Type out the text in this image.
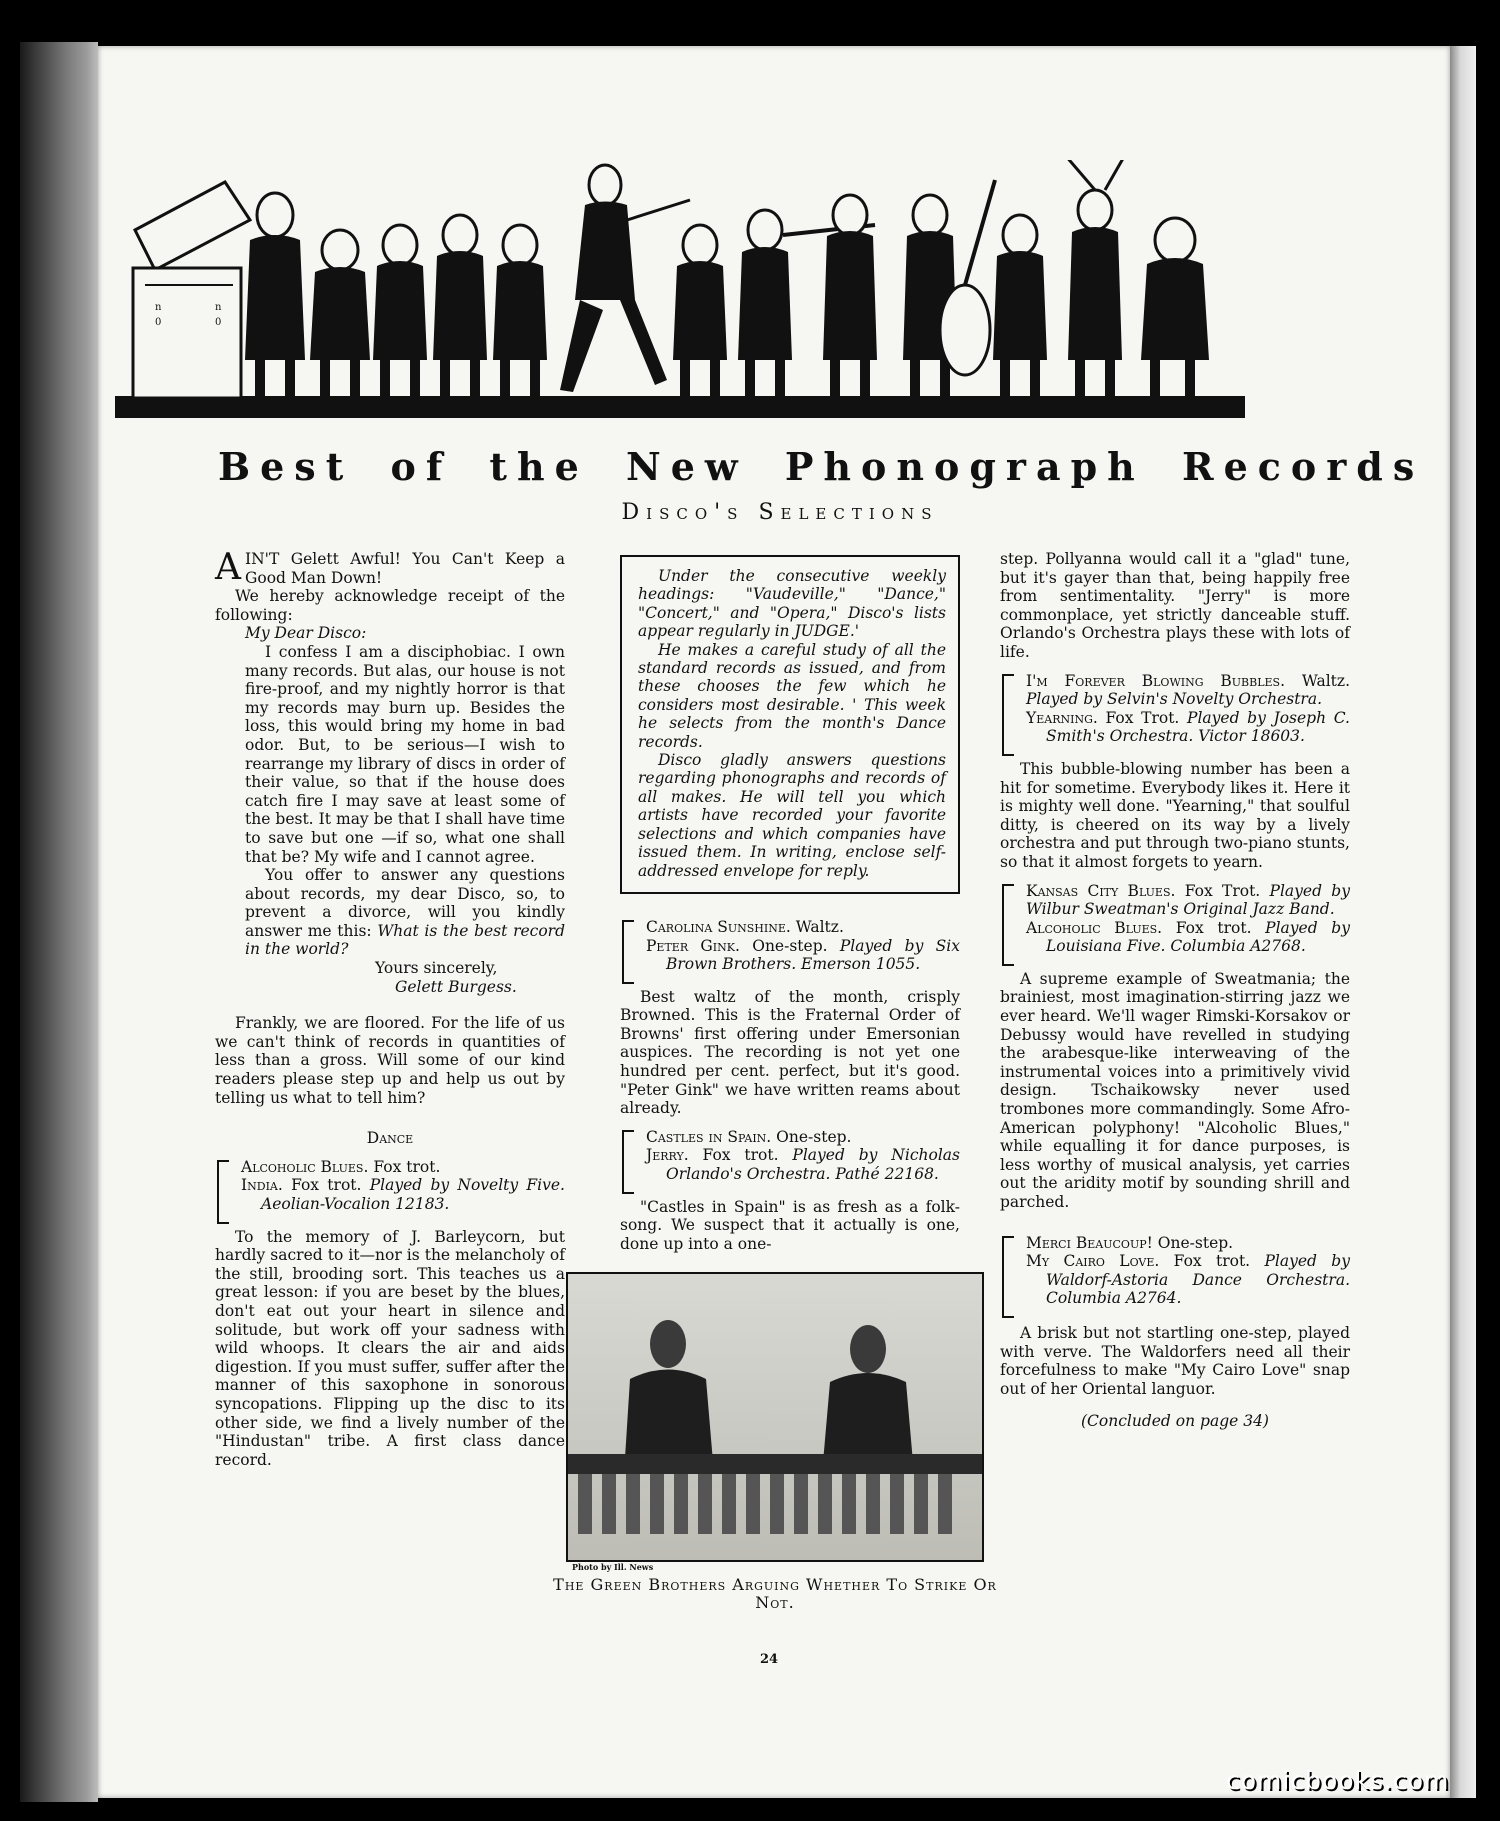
n
0
n
0
Best of the New Phonograph Records
Disco's Selections

AIN'T Gelett Awful! You Can't Keep a Good Man Down!

We hereby acknowledge receipt of the following:

My Dear Disco:

I confess I am a disciphobiac. I own many records. But alas, our house is not fire-proof, and my nightly horror is that my records may burn up. Besides the loss, this would bring my home in bad odor. But, to be serious—I wish to rearrange my library of discs in order of their value, so that if the house does catch fire I may save at least some of the best. It may be that I shall have time to save but one —if so, what one shall that be? My wife and I cannot agree.

You offer to answer any questions about records, my dear Disco, so, to prevent a divorce, will you kindly answer me this: What is the best record in the world?

Yours sincerely,

Gelett Burgess.

Frankly, we are floored. For the life of us we can't think of records in quantities of less than a gross. Will some of our kind readers please step up and help us out by telling us what to tell him?

Dance

Alcoholic Blues. Fox trot.

India. Fox trot. Played by Novelty Five. Aeolian-Vocalion 12183.

To the memory of J. Barleycorn, but hardly sacred to it—nor is the melancholy of the still, brooding sort. This teaches us a great lesson: if you are beset by the blues, don't eat out your heart in silence and solitude, but work off your sadness with wild whoops. It clears the air and aids digestion. If you must suffer, suffer after the manner of this saxophone in sonorous syncopations. Flipping up the disc to its other side, we find a lively number of the "Hindustan" tribe. A first class dance record.

Under the consecutive weekly headings: "Vaudeville," "Dance," "Concert," and "Opera," Disco's lists appear regularly in JUDGE.'

He makes a careful study of all the standard records as issued, and from these chooses the few which he considers most desirable. ' This week he selects from the month's Dance records.

Disco gladly answers questions regarding phonographs and records of all makes. He will tell you which artists have recorded your favorite selections and which companies have issued them. In writing, enclose self-addressed envelope for reply.

Carolina Sunshine. Waltz.

Peter Gink. One-step. Played by Six Brown Brothers. Emerson 1055.

Best waltz of the month, crisply Browned. This is the Fraternal Order of Browns' first offering under Emersonian auspices. The recording is not yet one hundred per cent. perfect, but it's good. "Peter Gink" we have written reams about already.

Castles in Spain. One-step.

Jerry. Fox trot. Played by Nicholas Orlando's Orchestra. Pathé 22168.

"Castles in Spain" is as fresh as a folk-song. We suspect that it actually is one, done up into a one-

Photo by Ill. News
The Green Brothers Arguing Whether To Strike Or Not.

step. Pollyanna would call it a "glad" tune, but it's gayer than that, being happily free from sentimentality. "Jerry" is more commonplace, yet strictly danceable stuff. Orlando's Orchestra plays these with lots of life.

I'm Forever Blowing Bubbles. Waltz. Played by Selvin's Novelty Orchestra.

Yearning. Fox Trot. Played by Joseph C. Smith's Orchestra. Victor 18603.

This bubble-blowing number has been a hit for sometime. Everybody likes it. Here it is mighty well done. "Yearning," that soulful ditty, is cheered on its way by a lively orchestra and put through two-piano stunts, so that it almost forgets to yearn.

Kansas City Blues. Fox Trot. Played by Wilbur Sweatman's Original Jazz Band.

Alcoholic Blues. Fox trot. Played by Louisiana Five. Columbia A2768.

A supreme example of Sweatmania; the brainiest, most imagination-stirring jazz we ever heard. We'll wager Rimski-Korsakov or Debussy would have revelled in studying the arabesque-like interweaving of the instrumental voices into a primitively vivid design. Tschaikowsky never used trombones more commandingly. Some Afro-American polyphony! "Alcoholic Blues," while equalling it for dance purposes, is less worthy of musical analysis, yet carries out the aridity motif by sounding shrill and parched.

Merci Beaucoup! One-step.

My Cairo Love. Fox trot. Played by Waldorf-Astoria Dance Orchestra. Columbia A2764.

A brisk but not startling one-step, played with verve. The Waldorfers need all their forcefulness to make "My Cairo Love" snap out of her Oriental languor.

(Concluded on page 34)

24
comicbooks.com
